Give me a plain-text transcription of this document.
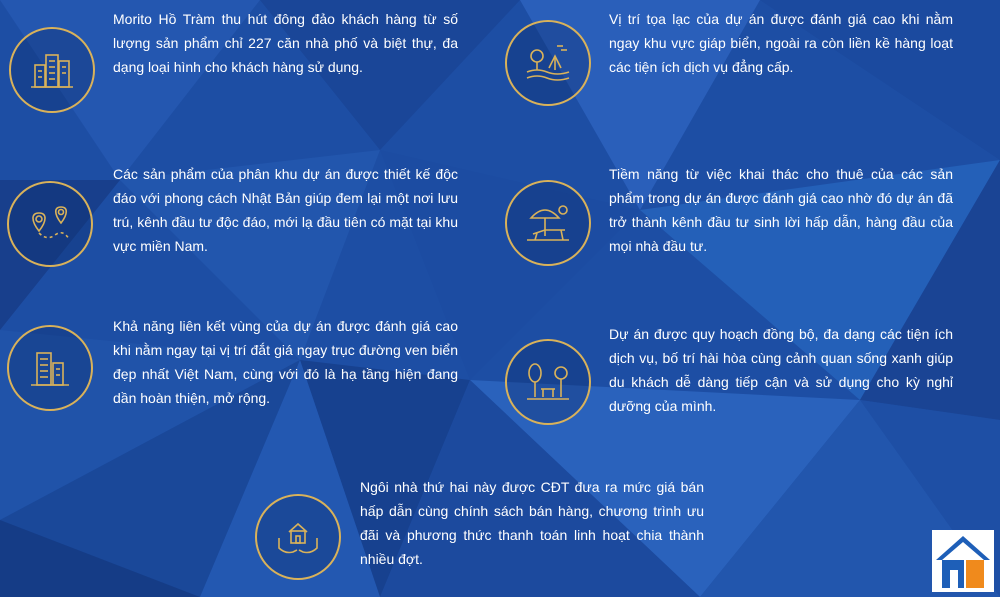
Morito Hồ Tràm thu hút đông đảo khách hàng từ số lượng sản phẩm chỉ 227 căn nhà phố và biệt thự, đa dạng loại hình cho khách hàng sử dụng.

Vị trí tọa lạc của dự án được đánh giá cao khi nằm ngay khu vực giáp biển, ngoài ra còn liền kề hàng loạt các tiện ích dịch vụ đẳng cấp.

Các sản phẩm của phân khu dự án được thiết kế độc đáo với phong cách Nhật Bản giúp đem lại một nơi lưu trú, kênh đầu tư độc đáo, mới lạ đầu tiên có mặt tại khu vực miền Nam.

Tiềm năng từ việc khai thác cho thuê của các sản phẩm trong dự án được đánh giá cao nhờ đó dự án đã trở thành kênh đầu tư sinh lời hấp dẫn, hàng đầu của mọi nhà đầu tư.

Khả năng liên kết vùng của dự án được đánh giá cao khi nằm ngay tại vị trí đắt giá ngay trục đường ven biển đẹp nhất Việt Nam, cùng với đó là hạ tầng hiện đang dần hoàn thiện, mở rộng.

Dự án được quy hoạch đồng bộ, đa dạng các tiện ích dịch vụ, bố trí hài hòa cùng cảnh quan sống xanh giúp du khách dễ dàng tiếp cận và sử dụng cho kỳ nghỉ dưỡng của mình.

Ngôi nhà thứ hai này được CĐT đưa ra mức giá bán hấp dẫn cùng chính sách bán hàng, chương trình ưu đãi và phương thức thanh toán linh hoạt chia thành nhiều đợt.
